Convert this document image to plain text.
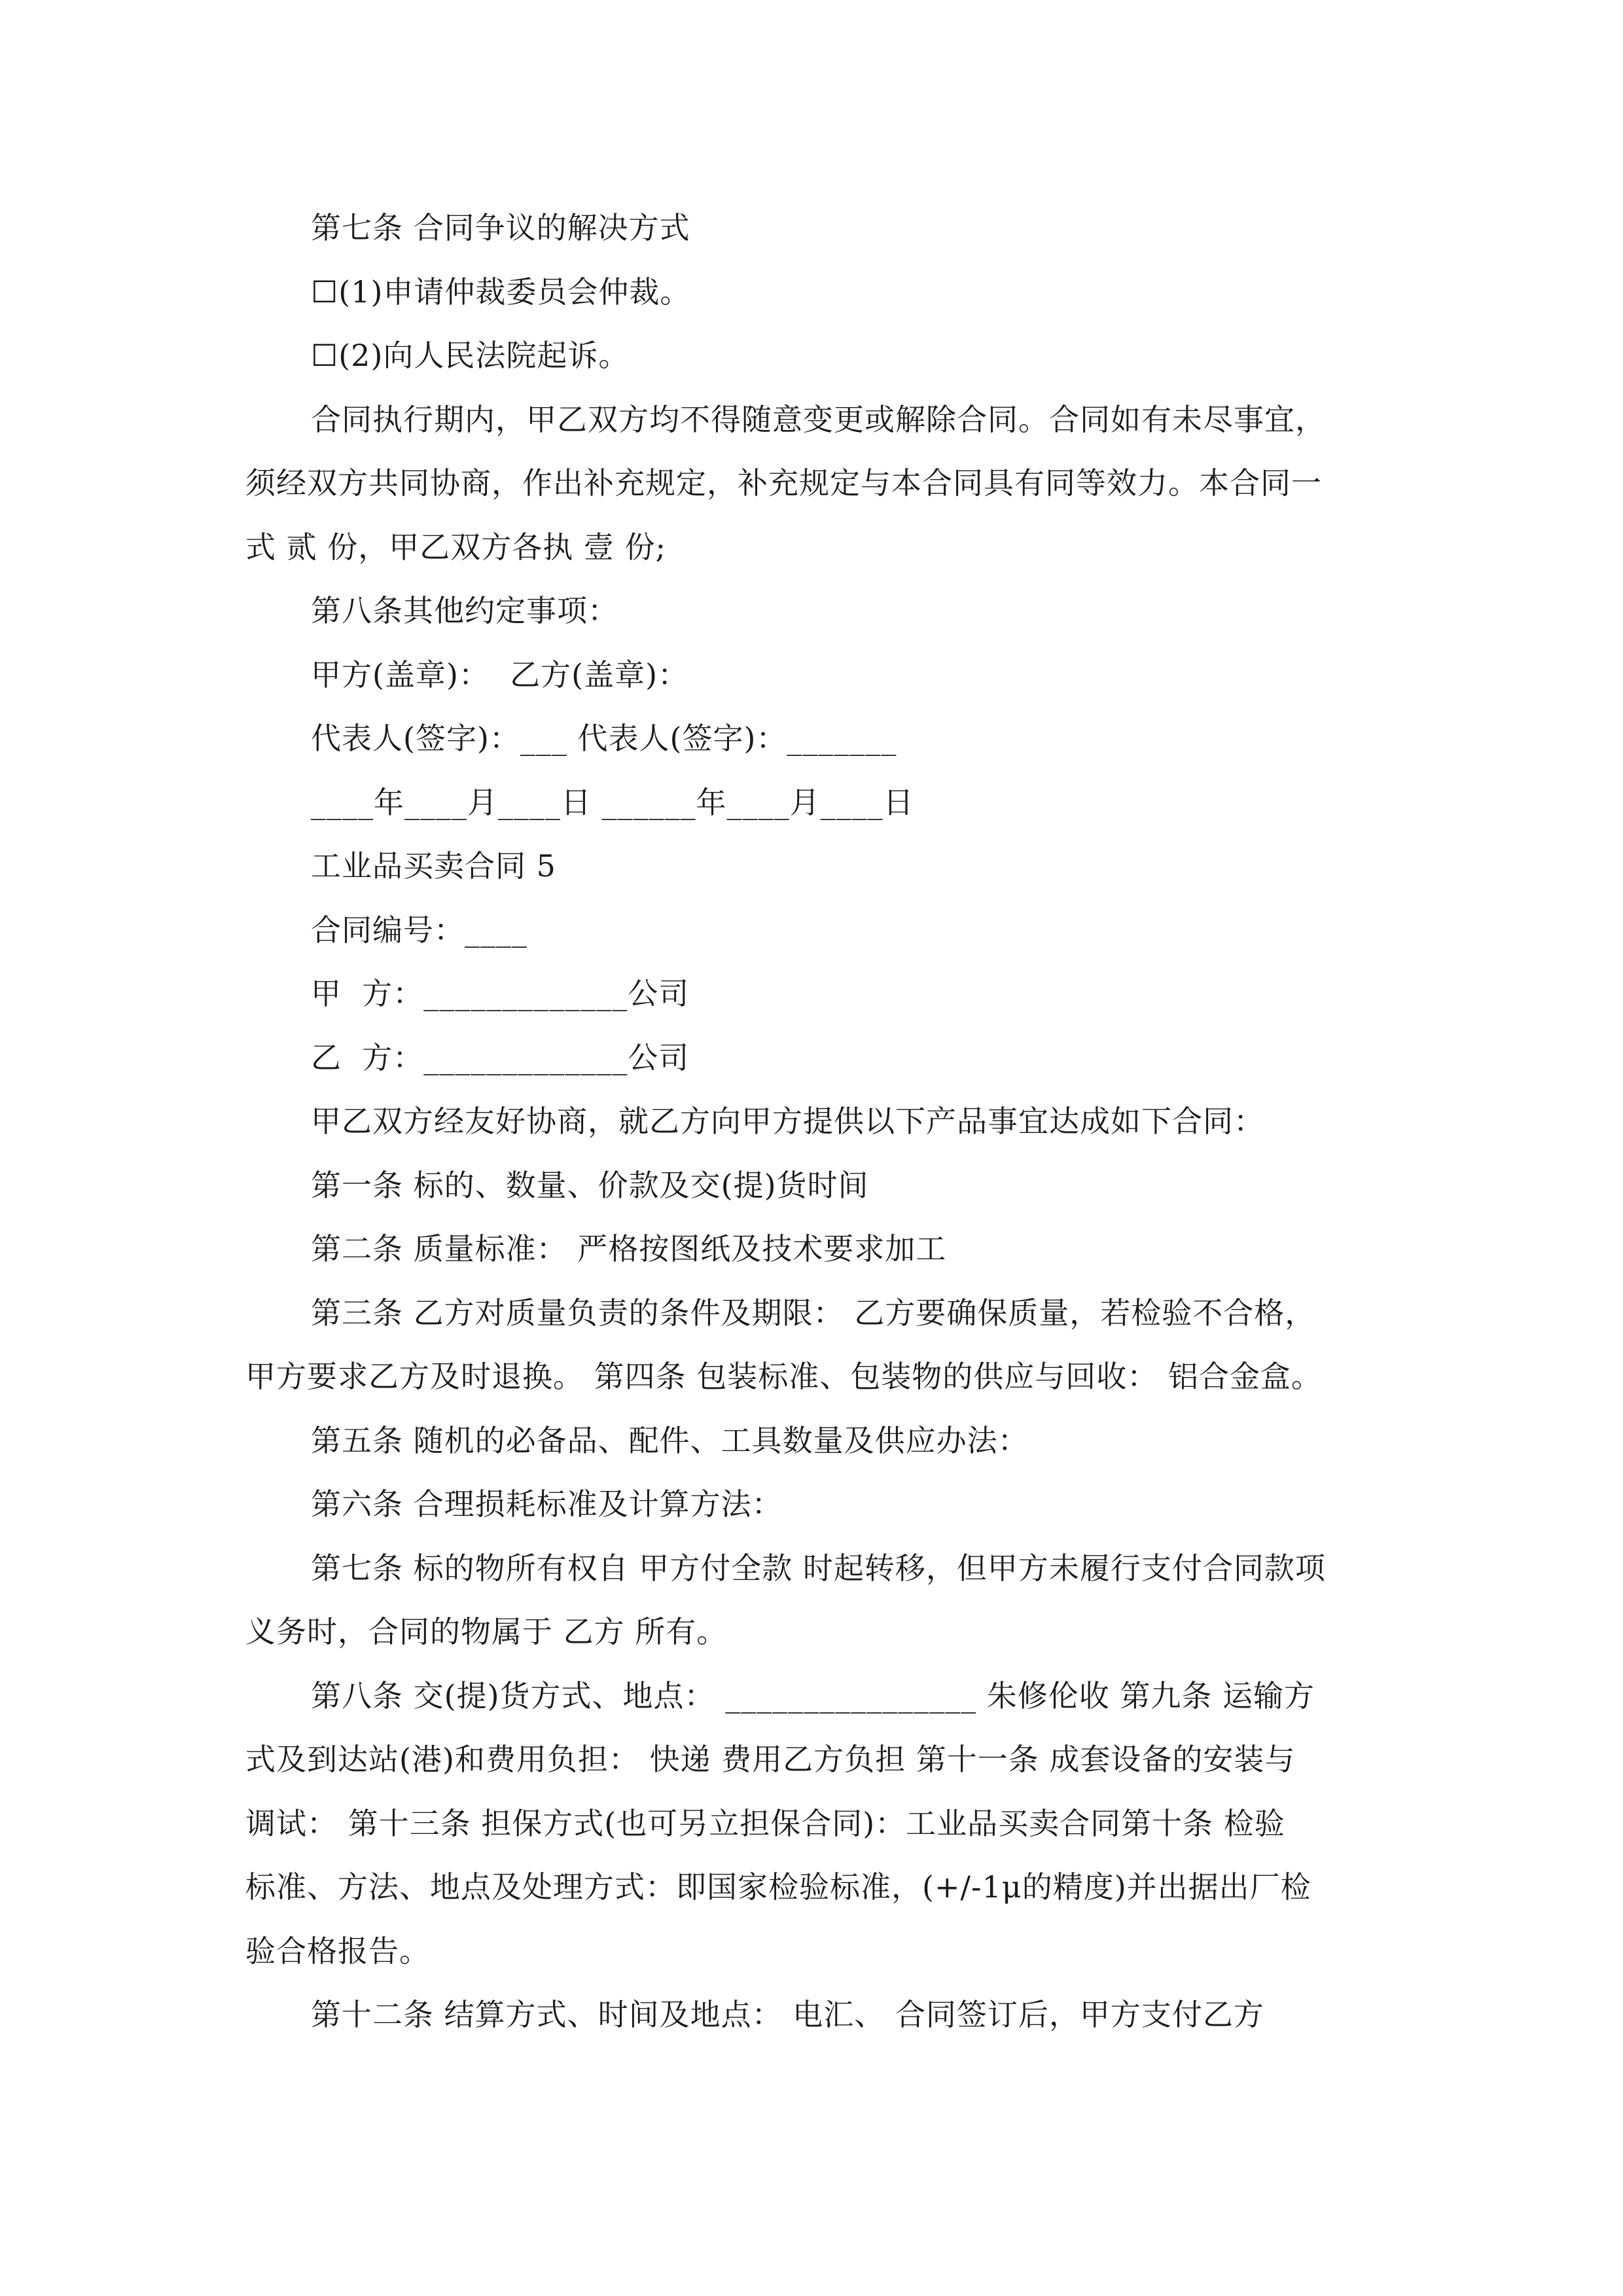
第七条 合同争议的解决方式
☐(1)申请仲裁委员会仲裁。
☐(2)向人民法院起诉。
合同执行期内，甲乙双方均不得随意变更或解除合同。合同如有未尽事宜，
须经双方共同协商，作出补充规定，补充规定与本合同具有同等效力。本合同一
式 贰 份，甲乙双方各执 壹 份;
第八条其他约定事项：
甲方(盖章)：  乙方(盖章)：
代表人(签字)：___ 代表人(签字)：_______
____年____月____日 ______年____月____日
工业品买卖合同 5
合同编号：____
甲  方：_____________公司
乙  方：_____________公司
甲乙双方经友好协商，就乙方向甲方提供以下产品事宜达成如下合同：
第一条 标的、数量、价款及交(提)货时间
第二条 质量标准： 严格按图纸及技术要求加工
第三条 乙方对质量负责的条件及期限： 乙方要确保质量，若检验不合格，
甲方要求乙方及时退换。 第四条 包装标准、包装物的供应与回收： 铝合金盒。
第五条 随机的必备品、配件、工具数量及供应办法：
第六条 合理损耗标准及计算方法：
第七条 标的物所有权自 甲方付全款 时起转移，但甲方未履行支付合同款项
义务时，合同的物属于 乙方 所有。
第八条 交(提)货方式、地点： ________________ 朱修伦收 第九条 运输方
式及到达站(港)和费用负担： 快递 费用乙方负担 第十一条 成套设备的安装与
调试： 第十三条 担保方式(也可另立担保合同)：工业品买卖合同第十条 检验
标准、方法、地点及处理方式：即国家检验标准，(+/-1μ的精度)并出据出厂检
验合格报告。
第十二条 结算方式、时间及地点： 电汇、 合同签订后，甲方支付乙方
